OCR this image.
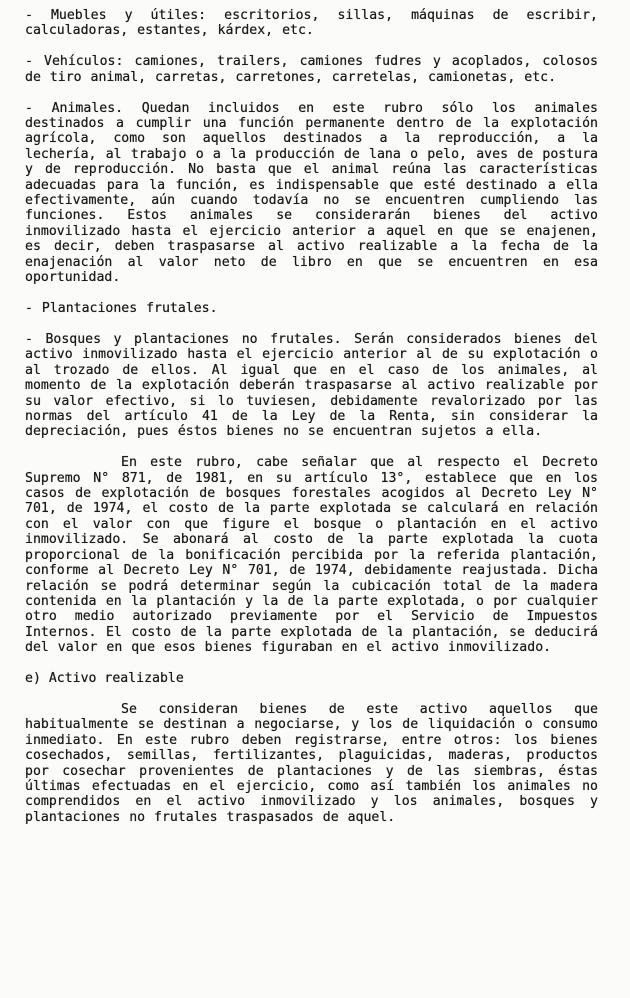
- Muebles y útiles: escritorios, sillas, máquinas de escribir, calculadoras, estantes, kárdex, etc.

- Vehículos: camiones, trailers, camiones fudres y acoplados, colosos de tiro animal, carretas, carretones, carretelas, camionetas, etc.

- Animales. Quedan incluidos en este rubro sólo los animales destinados a cumplir una función permanente dentro de la explotación agrícola, como son aquellos destinados a la reproducción, a la lechería, al trabajo o a la producción de lana o pelo, aves de postura y de reproducción. No basta que el animal reúna las características adecuadas para la función, es indispensable que esté destinado a ella efectivamente, aún cuando todavía no se encuentren cumpliendo las funciones. Estos animales se considerarán bienes del activo inmovilizado hasta el ejercicio anterior a aquel en que se enajenen, es decir, deben traspasarse al activo realizable a la fecha de la enajenación al valor neto de libro en que se encuentren en esa oportunidad.

- Plantaciones frutales.

- Bosques y plantaciones no frutales. Serán considerados bienes del activo inmovilizado hasta el ejercicio anterior al de su explotación o al trozado de ellos. Al igual que en el caso de los animales, al momento de la explotación deberán traspasarse al activo realizable por su valor efectivo, si lo tuviesen, debidamente revalorizado por las normas del artículo 41 de la Ley de la Renta, sin considerar la depreciación, pues éstos bienes no se encuentran sujetos a ella.

En este rubro, cabe señalar que al respecto el Decreto Supremo N° 871, de 1981, en su artículo 13°, establece que en los casos de explotación de bosques forestales acogidos al Decreto Ley N° 701, de 1974, el costo de la parte explotada se calculará en relación con el valor con que figure el bosque o plantación en el activo inmovilizado. Se abonará al costo de la parte explotada la cuota proporcional de la bonificación percibida por la referida plantación, conforme al Decreto Ley N° 701, de 1974, debidamente reajustada. Dicha relación se podrá determinar según la cubicación total de la madera contenida en la plantación y la de la parte explotada, o por cualquier otro medio autorizado previamente por el Servicio de Impuestos Internos. El costo de la parte explotada de la plantación, se deducirá del valor en que esos bienes figuraban en el activo inmovilizado.

e) Activo realizable

Se consideran bienes de este activo aquellos que habitualmente se destinan a negociarse, y los de liquidación o consumo inmediato. En este rubro deben registrarse, entre otros: los bienes cosechados, semillas, fertilizantes, plaguicidas, maderas, productos por cosechar provenientes de plantaciones y de las siembras, éstas últimas efectuadas en el ejercicio, como así también los animales no comprendidos en el activo inmovilizado y los animales, bosques y plantaciones no frutales traspasados de aquel.
